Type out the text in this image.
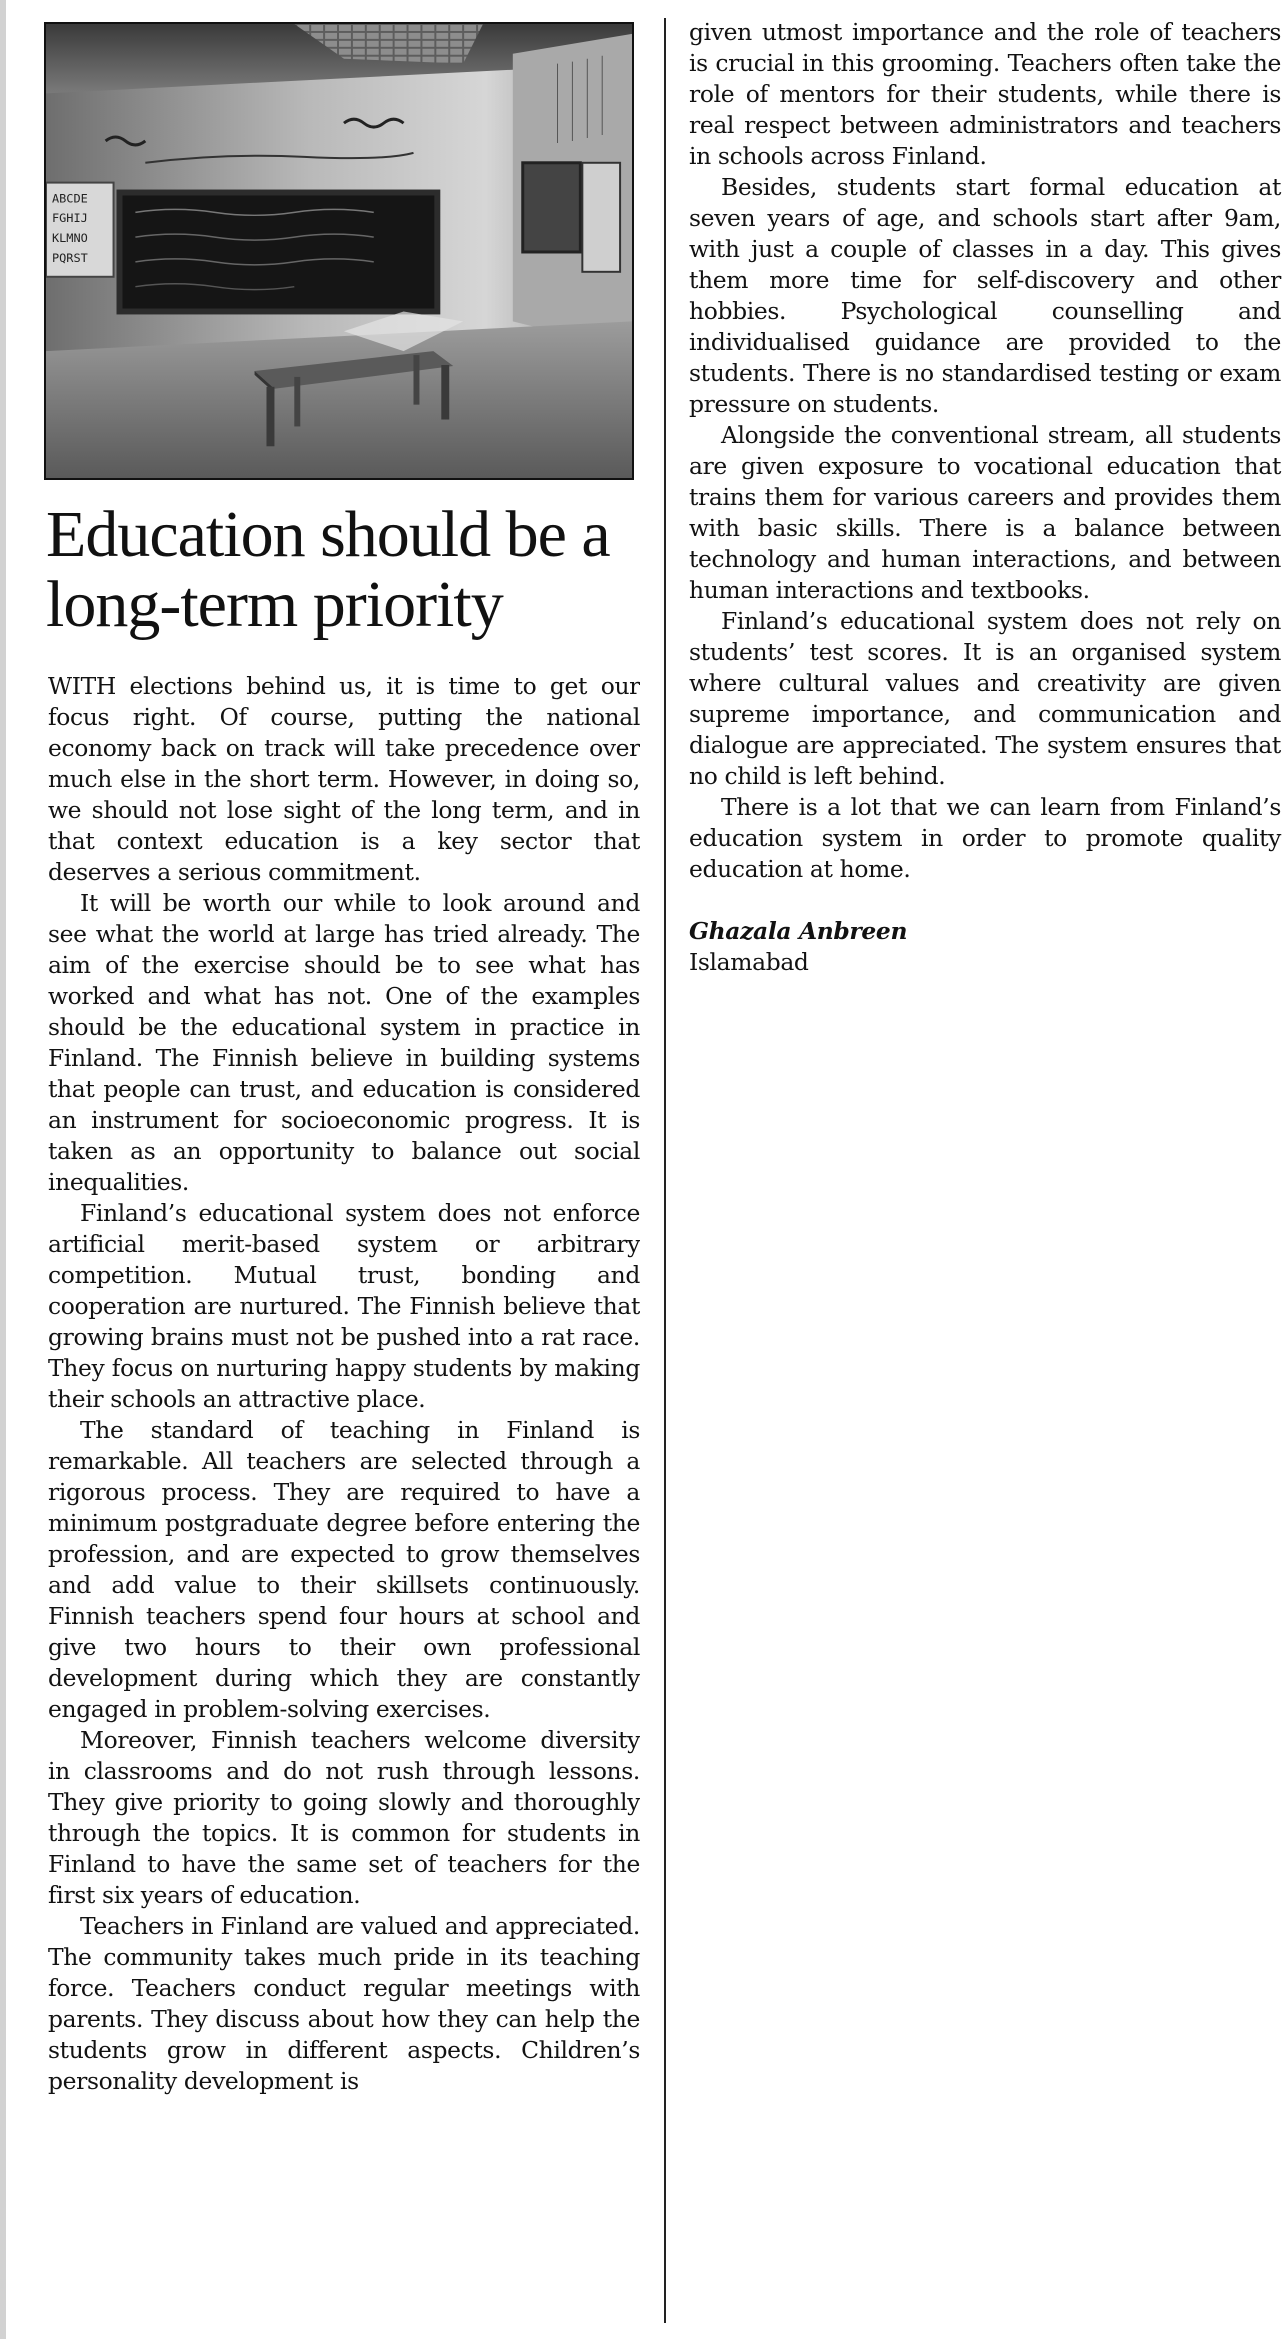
ABCDE
FGHIJ
KLMNO
PQRST
Education should be a long-term priority

WITH elections behind us, it is time to get our focus right. Of course, putting the national economy back on track will take precedence over much else in the short term. However, in doing so, we should not lose sight of the long term, and in that context education is a key sector that deserves a serious commitment.

It will be worth our while to look around and see what the world at large has tried already. The aim of the exercise should be to see what has worked and what has not. One of the examples should be the educational system in practice in Finland. The Finnish believe in building systems that people can trust, and education is considered an instrument for socioeconomic progress. It is taken as an opportunity to balance out social inequalities.

Finland’s educational system does not enforce artificial merit-based system or arbitrary competition. Mutual trust, bonding and cooperation are nurtured. The Finnish believe that growing brains must not be pushed into a rat race. They focus on nurturing happy students by making their schools an attractive place.

The standard of teaching in Finland is remarkable. All teachers are selected through a rigorous process. They are required to have a minimum postgraduate degree before entering the profession, and are expected to grow themselves and add value to their skillsets continuously. Finnish teachers spend four hours at school and give two hours to their own professional development during which they are constantly engaged in problem-solving exercises.

Moreover, Finnish teachers welcome diversity in classrooms and do not rush through lessons. They give priority to going slowly and thoroughly through the topics. It is common for students in Finland to have the same set of teachers for the first six years of education.

Teachers in Finland are valued and appreciated. The community takes much pride in its teaching force. Teachers conduct regular meetings with parents. They discuss about how they can help the students grow in different aspects. Children’s personality development is

given utmost importance and the role of teachers is crucial in this grooming. Teachers often take the role of mentors for their students, while there is real respect between administrators and teachers in schools across Finland.

Besides, students start formal education at seven years of age, and schools start after 9am, with just a couple of classes in a day. This gives them more time for self-discovery and other hobbies. Psychological counselling and individualised guidance are provided to the students. There is no standardised testing or exam pressure on students.

Alongside the conventional stream, all students are given exposure to vocational education that trains them for various careers and provides them with basic skills. There is a balance between technology and human interactions, and between human interactions and textbooks.

Finland’s educational system does not rely on students’ test scores. It is an organised system where cultural values and creativity are given supreme importance, and communication and dialogue are appreciated. The system ensures that no child is left behind.

There is a lot that we can learn from Finland’s education system in order to promote quality education at home.

Ghazala Anbreen
Islamabad
